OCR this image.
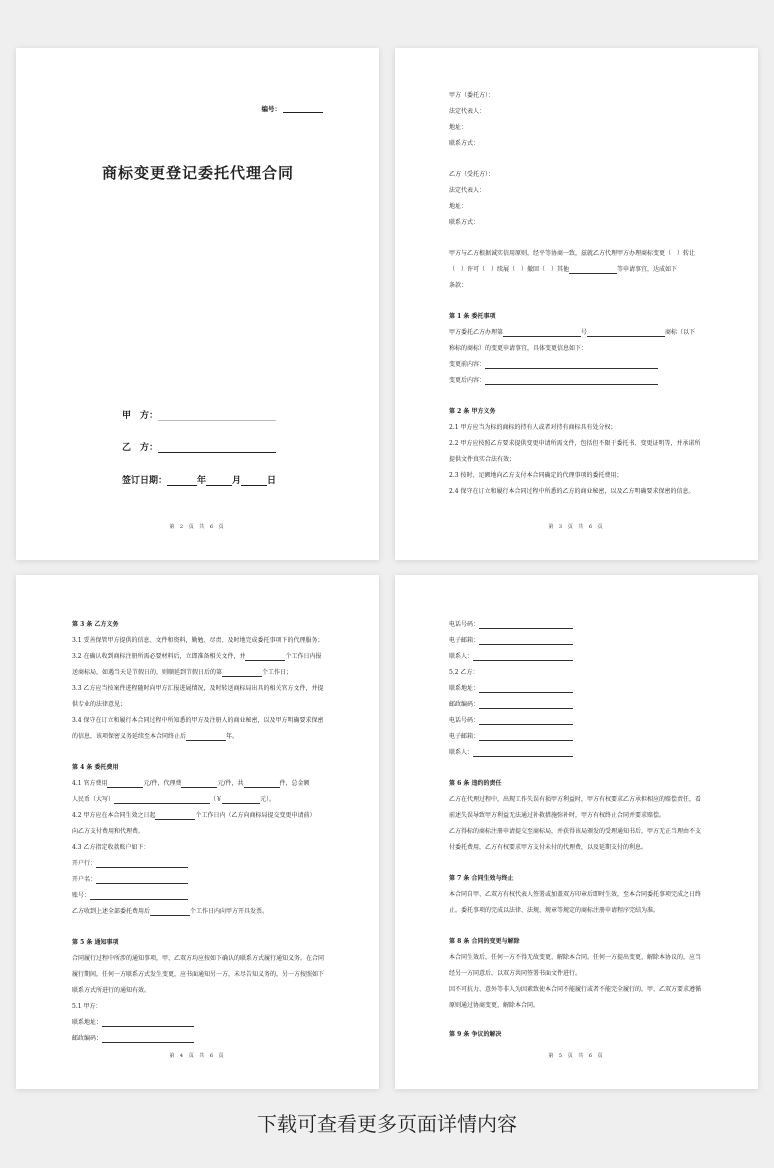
编号：
商标变更登记委托代理合同
甲　方：
乙　方：
签订日期：	年	月	日
第 2 页 共 6 页
甲方（委托方）：
法定代表人：
地址：
联系方式：
乙方（受托方）：
法定代表人：
地址：
联系方式：
甲方与乙方根据诚实信用原则，经平等协商一致，兹就乙方代理甲方办理商标变更（　）转让
（　）许可（　）续展（　）撤回（　）其他	等申请事宜，达成如下
条款：
第 1 条 委托事项
甲方委托乙方办理第	号	商标（以下
称标的商标）的变更申请事宜，具体变更信息如下：
变更前内容：
变更后内容：
第 2 条 甲方义务
2.1 甲方应当为标的商标的持有人或者对持有商标具有处分权；
2.2 甲方应按照乙方要求提供变更申请所需文件，包括但不限于委托书、变更证明等，并承诺所
提供文件真实合法有效；
2.3 按时、足额地向乙方支付本合同确定的代理事项的委托费用；
2.4 保守在订立和履行本合同过程中所悉的乙方的商业秘密，以及乙方明确要求保密的信息。
第 3 页 共 6 页
第 3 条 乙方义务
3.1 妥善保管甲方提供的信息、文件和资料，勤勉、尽责、及时地完成委托事项下的代理服务；
3.2 在确认收到商标注册所需必要材料后，立即准备相关文件，并	个工作日内报
送商标局，如遇当天是节假日的，则顺延到节假日后的第	个工作日；
3.3 乙方应当按案件进程随时向甲方汇报进展情况，及时转送商标局出具的相关官方文件，并提
供专业的法律意见；
3.4 保守在订立和履行本合同过程中所知悉的甲方及注册人的商业秘密，以及甲方明确要求保密
的信息，该项保密义务延续至本合同终止后	年。
第 4 条 委托费用
4.1 官方费用	元/件，代理费	元/件，共	件，总金额
人民币（大写）	（￥	元）。
4.2 甲方应在本合同生效之日起	个工作日内（乙方向商标局提交变更申请前）
向乙方支付费用和代理费。
4.3 乙方指定收款账户如下：
开户行：
开户名：
账号：
乙方收到上述全部委托费用后	个工作日内向甲方开具发票。
第 5 条 通知事项
合同履行过程中所涉的通知事项，甲、乙双方均应按如下确认的联系方式履行通知义务。在合同
履行期间，任何一方联系方式发生变更，应书面通知另一方，未尽告知义务的，另一方按照如下
联系方式所进行的通知有效。
5.1 甲方：
联系地址：
邮政编码：
第 4 页 共 6 页
电话号码：
电子邮箱：
联系人：
5.2 乙方：
联系地址：
邮政编码：
电话号码：
电子邮箱：
联系人：
第 6 条 违约的责任
乙方在代理过程中，出现工作失误有损甲方利益时，甲方有权要求乙方承担相应的赔偿责任，看
前述失误导致甲方利益无法通过补救措施弥补时，甲方有权终止合同并要求赔偿。
乙方得标的商标注册申请提交至商标局，并获得该局颁发的受理通知书后，甲方无正当理由不支
付委托费用，乙方有权要求甲方支付未付的代理费，以及延期支付的利息。
第 7 条 合同生效与终止
本合同自甲、乙双方有权代表人签署或加盖双方印章后即时生效，至本合同委托事项完成之日终
止。委托事项的完成以法律、法规、规章等规定的商标注册申请程序完结为准。
第 8 条 合同的变更与解除
本合同生效后，任何一方不得无故变更、解除本合同。任何一方提出变更、解除本协议的，应当
经另一方同意后，以双方共同签署书面文件进行。
因不可抗力、意外等非人为因素致使本合同不能履行或者不能完全履行的，甲、乙双方要求遵循
原则通过协商变更、解除本合同。
第 9 条 争议的解决
第 5 页 共 6 页
下载可查看更多页面详情内容
